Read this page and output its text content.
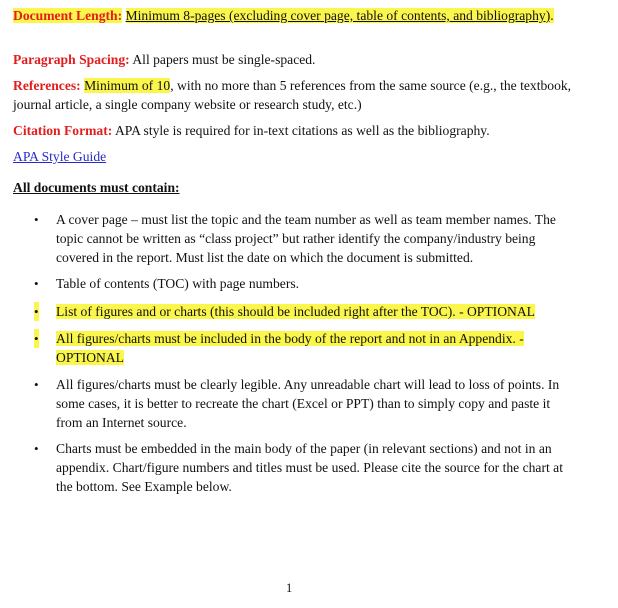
Document Length: Minimum 8-pages (excluding cover page, table of contents, and bibliography).
Paragraph Spacing: All papers must be single-spaced.
References: Minimum of 10, with no more than 5 references from the same source (e.g., the textbook, journal article, a single company website or research study, etc.)
Citation Format: APA style is required for in-text citations as well as the bibliography.
APA Style Guide
All documents must contain:
• A cover page – must list the topic and the team number as well as team member names. The topic cannot be written as “class project” but rather identify the company/industry being covered in the report. Must list the date on which the document is submitted.
• Table of contents (TOC) with page numbers.
• List of figures and or charts (this should be included right after the TOC). - OPTIONAL
• All figures/charts must be included in the body of the report and not in an Appendix. - OPTIONAL
• All figures/charts must be clearly legible. Any unreadable chart will lead to loss of points. In some cases, it is better to recreate the chart (Excel or PPT) than to simply copy and paste it from an Internet source.
• Charts must be embedded in the main body of the paper (in relevant sections) and not in an appendix. Chart/figure numbers and titles must be used. Please cite the source for the chart at the bottom. See Example below.
1
